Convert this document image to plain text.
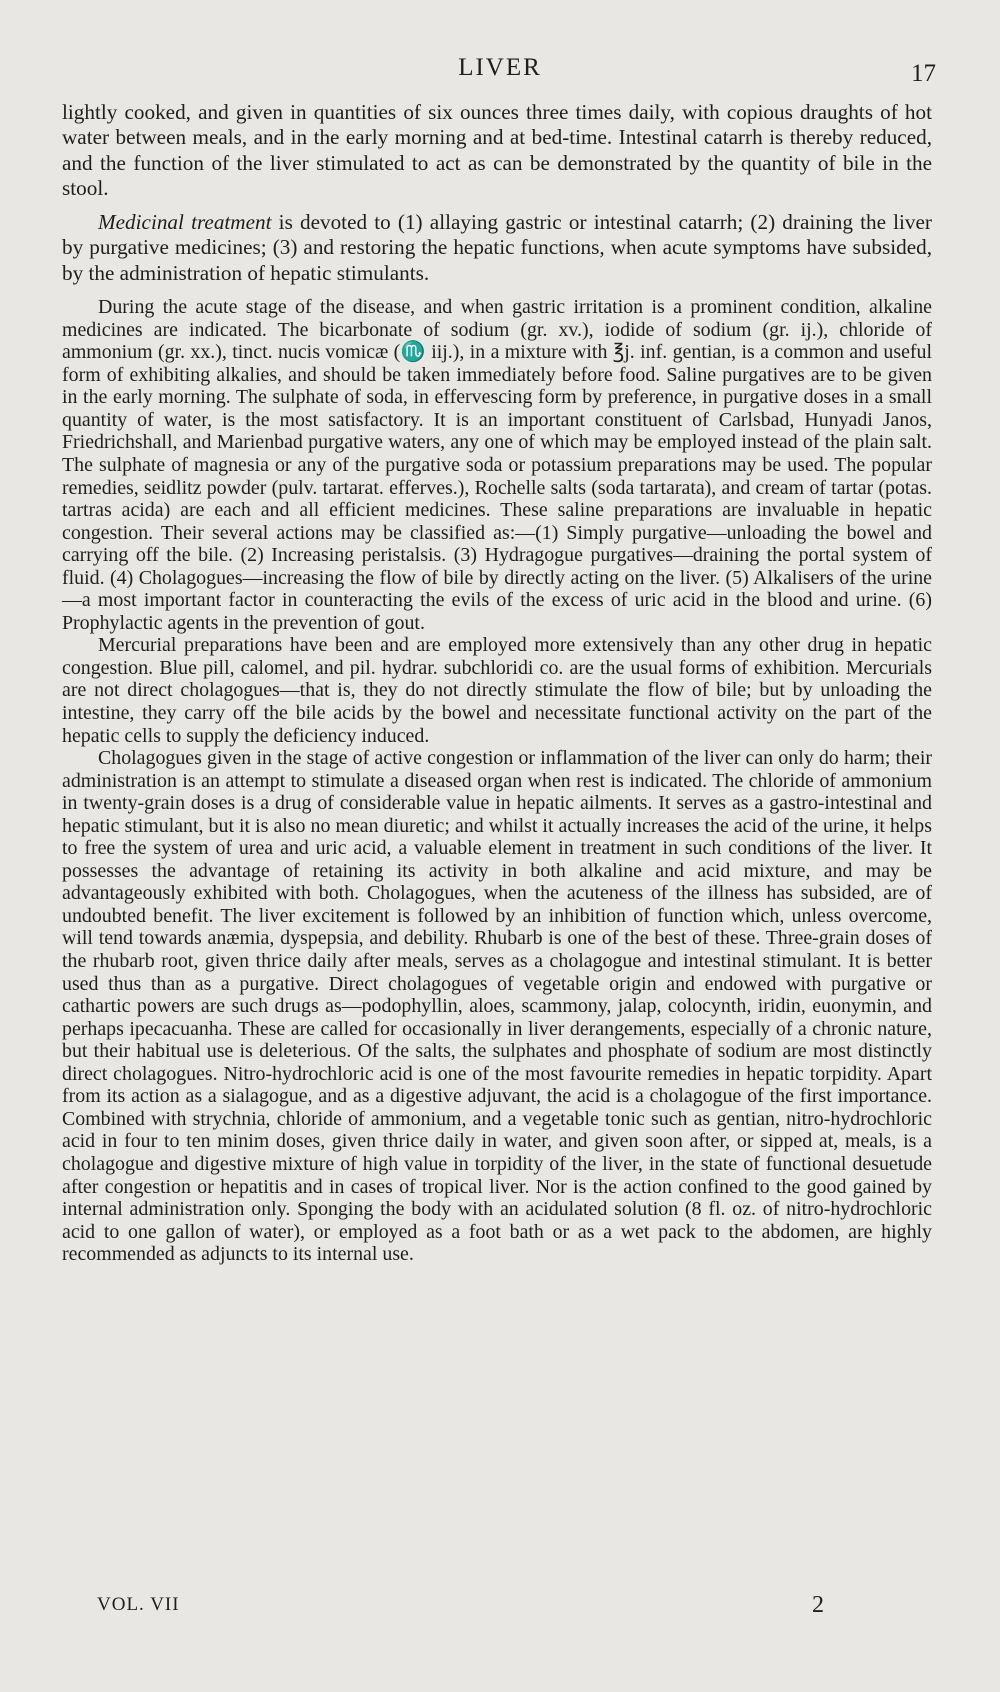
LIVER	17

lightly cooked, and given in quantities of six ounces three times daily, with copious draughts of hot water between meals, and in the early morning and at bed-time. Intestinal catarrh is thereby reduced, and the function of the liver stimulated to act as can be demonstrated by the quantity of bile in the stool.

Medicinal treatment is devoted to (1) allaying gastric or intestinal catarrh; (2) draining the liver by purgative medicines; (3) and restoring the hepatic functions, when acute symptoms have subsided, by the administration of hepatic stimulants.

During the acute stage of the disease, and when gastric irritation is a prominent condition, alkaline medicines are indicated. The bicarbonate of sodium (gr. xv.), iodide of sodium (gr. ij.), chloride of ammonium (gr. xx.), tinct. nucis vomicæ (♏ iij.), in a mixture with ℥j. inf. gentian, is a common and useful form of exhibiting alkalies, and should be taken immediately before food. Saline purgatives are to be given in the early morning. The sulphate of soda, in effervescing form by preference, in purgative doses in a small quantity of water, is the most satisfactory. It is an important constituent of Carlsbad, Hunyadi Janos, Friedrichshall, and Marienbad purgative waters, any one of which may be employed instead of the plain salt. The sulphate of magnesia or any of the purgative soda or potassium preparations may be used. The popular remedies, seidlitz powder (pulv. tartarat. efferves.), Rochelle salts (soda tartarata), and cream of tartar (potas. tartras acida) are each and all efficient medicines. These saline preparations are invaluable in hepatic congestion. Their several actions may be classified as:—(1) Simply purgative—unloading the bowel and carrying off the bile. (2) Increasing peristalsis. (3) Hydragogue purgatives—draining the portal system of fluid. (4) Cholagogues—increasing the flow of bile by directly acting on the liver. (5) Alkalisers of the urine—a most important factor in counteracting the evils of the excess of uric acid in the blood and urine. (6) Prophylactic agents in the prevention of gout.

Mercurial preparations have been and are employed more extensively than any other drug in hepatic congestion. Blue pill, calomel, and pil. hydrar. subchloridi co. are the usual forms of exhibition. Mercurials are not direct cholagogues—that is, they do not directly stimulate the flow of bile; but by unloading the intestine, they carry off the bile acids by the bowel and necessitate functional activity on the part of the hepatic cells to supply the deficiency induced.

Cholagogues given in the stage of active congestion or inflammation of the liver can only do harm; their administration is an attempt to stimulate a diseased organ when rest is indicated. The chloride of ammonium in twenty-grain doses is a drug of considerable value in hepatic ailments. It serves as a gastro-intestinal and hepatic stimulant, but it is also no mean diuretic; and whilst it actually increases the acid of the urine, it helps to free the system of urea and uric acid, a valuable element in treatment in such conditions of the liver. It possesses the advantage of retaining its activity in both alkaline and acid mixture, and may be advantageously exhibited with both. Cholagogues, when the acuteness of the illness has subsided, are of undoubted benefit. The liver excitement is followed by an inhibition of function which, unless overcome, will tend towards anæmia, dyspepsia, and debility. Rhubarb is one of the best of these. Three-grain doses of the rhubarb root, given thrice daily after meals, serves as a cholagogue and intestinal stimulant. It is better used thus than as a purgative. Direct cholagogues of vegetable origin and endowed with purgative or cathartic powers are such drugs as—podophyllin, aloes, scammony, jalap, colocynth, iridin, euonymin, and perhaps ipecacuanha. These are called for occasionally in liver derangements, especially of a chronic nature, but their habitual use is deleterious. Of the salts, the sulphates and phosphate of sodium are most distinctly direct cholagogues. Nitro-hydrochloric acid is one of the most favourite remedies in hepatic torpidity. Apart from its action as a sialagogue, and as a digestive adjuvant, the acid is a cholagogue of the first importance. Combined with strychnia, chloride of ammonium, and a vegetable tonic such as gentian, nitro-hydrochloric acid in four to ten minim doses, given thrice daily in water, and given soon after, or sipped at, meals, is a cholagogue and digestive mixture of high value in torpidity of the liver, in the state of functional desuetude after congestion or hepatitis and in cases of tropical liver. Nor is the action confined to the good gained by internal administration only. Sponging the body with an acidulated solution (8 fl. oz. of nitro-hydrochloric acid to one gallon of water), or employed as a foot bath or as a wet pack to the abdomen, are highly recommended as adjuncts to its internal use.

VOL. VII	2
